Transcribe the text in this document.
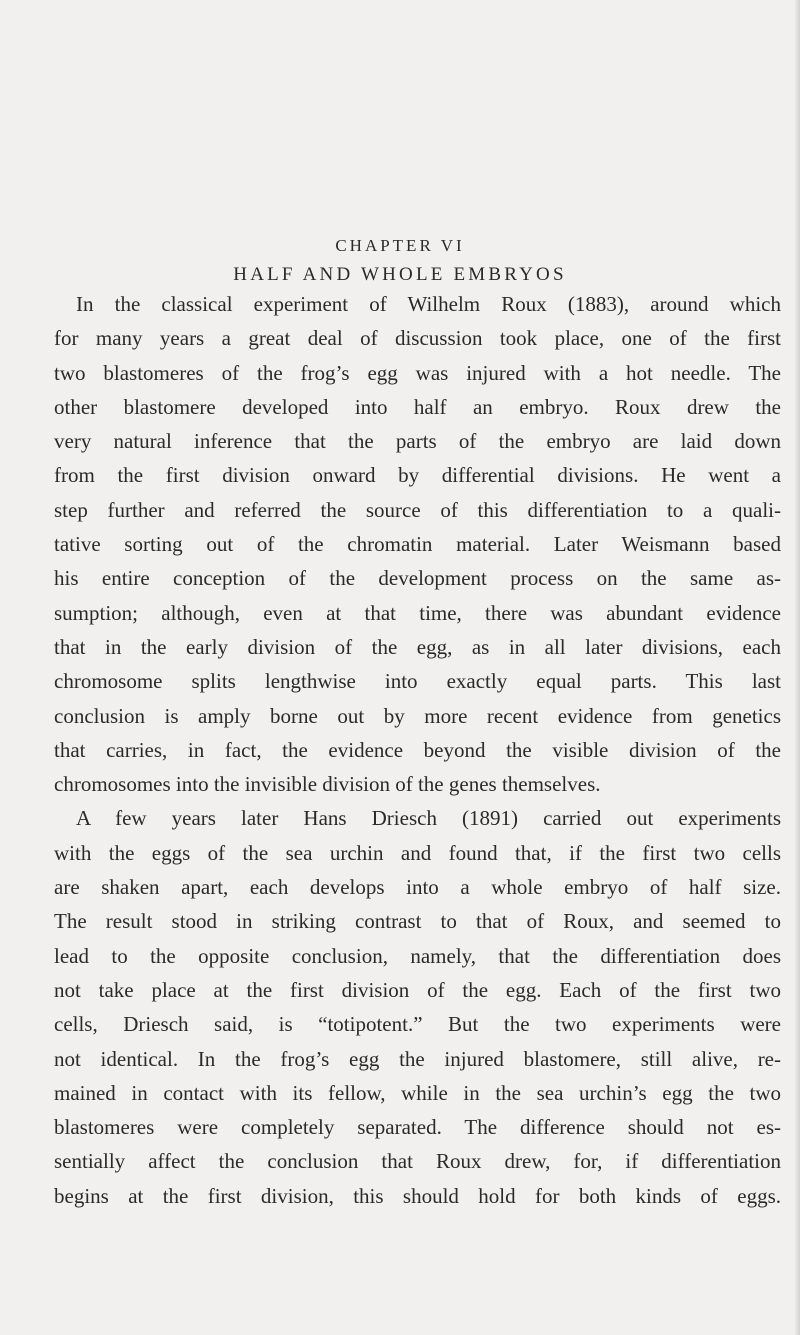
CHAPTER VI
HALF AND WHOLE EMBRYOS

In the classical experiment of Wilhelm Roux (1883), around which
for many years a great deal of discussion took place, one of the first
two blastomeres of the frog’s egg was injured with a hot needle. The
other blastomere developed into half an embryo. Roux drew the
very natural inference that the parts of the embryo are laid down
from the first division onward by differential divisions. He went a
step further and referred the source of this differentiation to a quali-
tative sorting out of the chromatin material. Later Weismann based
his entire conception of the development process on the same as-
sumption; although, even at that time, there was abundant evidence
that in the early division of the egg, as in all later divisions, each
chromosome splits lengthwise into exactly equal parts. This last
conclusion is amply borne out by more recent evidence from genetics
that carries, in fact, the evidence beyond the visible division of the
chromosomes into the invisible division of the genes themselves.

A few years later Hans Driesch (1891) carried out experiments
with the eggs of the sea urchin and found that, if the first two cells
are shaken apart, each develops into a whole embryo of half size.
The result stood in striking contrast to that of Roux, and seemed to
lead to the opposite conclusion, namely, that the differentiation does
not take place at the first division of the egg. Each of the first two
cells, Driesch said, is “totipotent.” But the two experiments were
not identical. In the frog’s egg the injured blastomere, still alive, re-
mained in contact with its fellow, while in the sea urchin’s egg the two
blastomeres were completely separated. The difference should not es-
sentially affect the conclusion that Roux drew, for, if differentiation
begins at the first division, this should hold for both kinds of eggs.
